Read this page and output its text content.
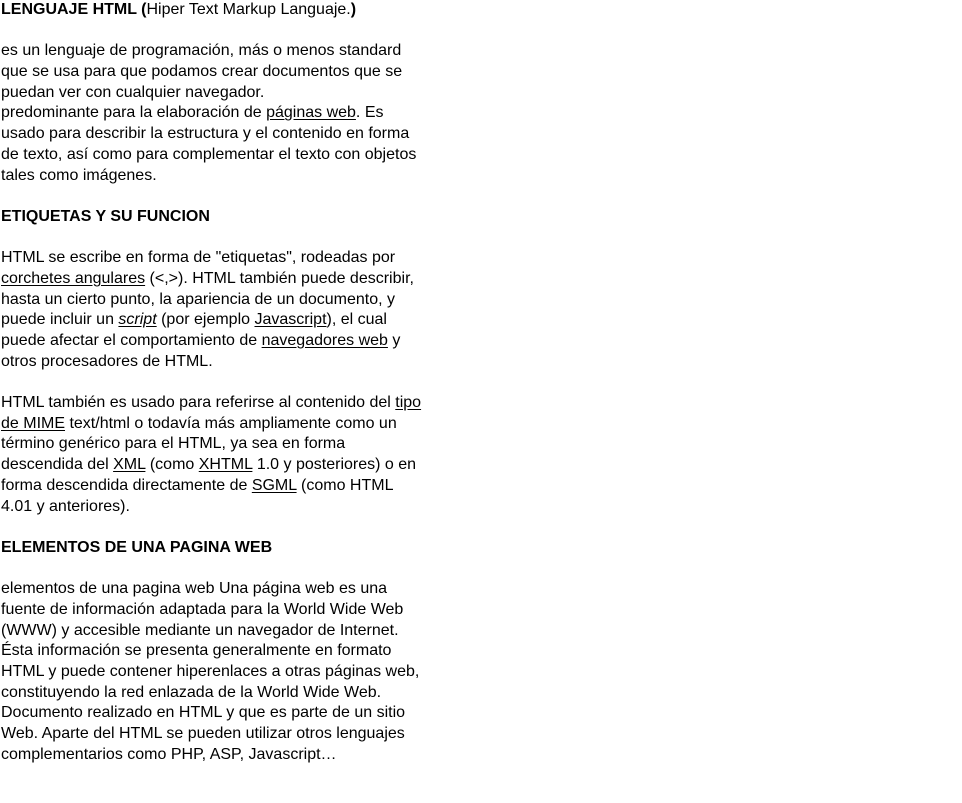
LENGUAJE HTML (Hiper Text Markup Languaje.)

es un lenguaje de programación, más o menos standard
que se usa para que podamos crear documentos que se
puedan ver con cualquier navegador.
predominante para la elaboración de páginas web. Es
usado para describir la estructura y el contenido en forma
de texto, así como para complementar el texto con objetos
tales como imágenes.

ETIQUETAS Y SU FUNCION

HTML se escribe en forma de "etiquetas", rodeadas por
corchetes angulares (<,>). HTML también puede describir,
hasta un cierto punto, la apariencia de un documento, y
puede incluir un script (por ejemplo Javascript), el cual
puede afectar el comportamiento de navegadores web y
otros procesadores de HTML.

HTML también es usado para referirse al contenido del tipo
de MIME text/html o todavía más ampliamente como un
término genérico para el HTML, ya sea en forma
descendida del XML (como XHTML 1.0 y posteriores) o en
forma descendida directamente de SGML (como HTML
4.01 y anteriores).

ELEMENTOS DE UNA PAGINA WEB

elementos de una pagina web Una página web es una
fuente de información adaptada para la World Wide Web
(WWW) y accesible mediante un navegador de Internet.
Ésta información se presenta generalmente en formato
HTML y puede contener hiperenlaces a otras páginas web,
constituyendo la red enlazada de la World Wide Web.
Documento realizado en HTML y que es parte de un sitio
Web. Aparte del HTML se pueden utilizar otros lenguajes
complementarios como PHP, ASP, Javascript…
